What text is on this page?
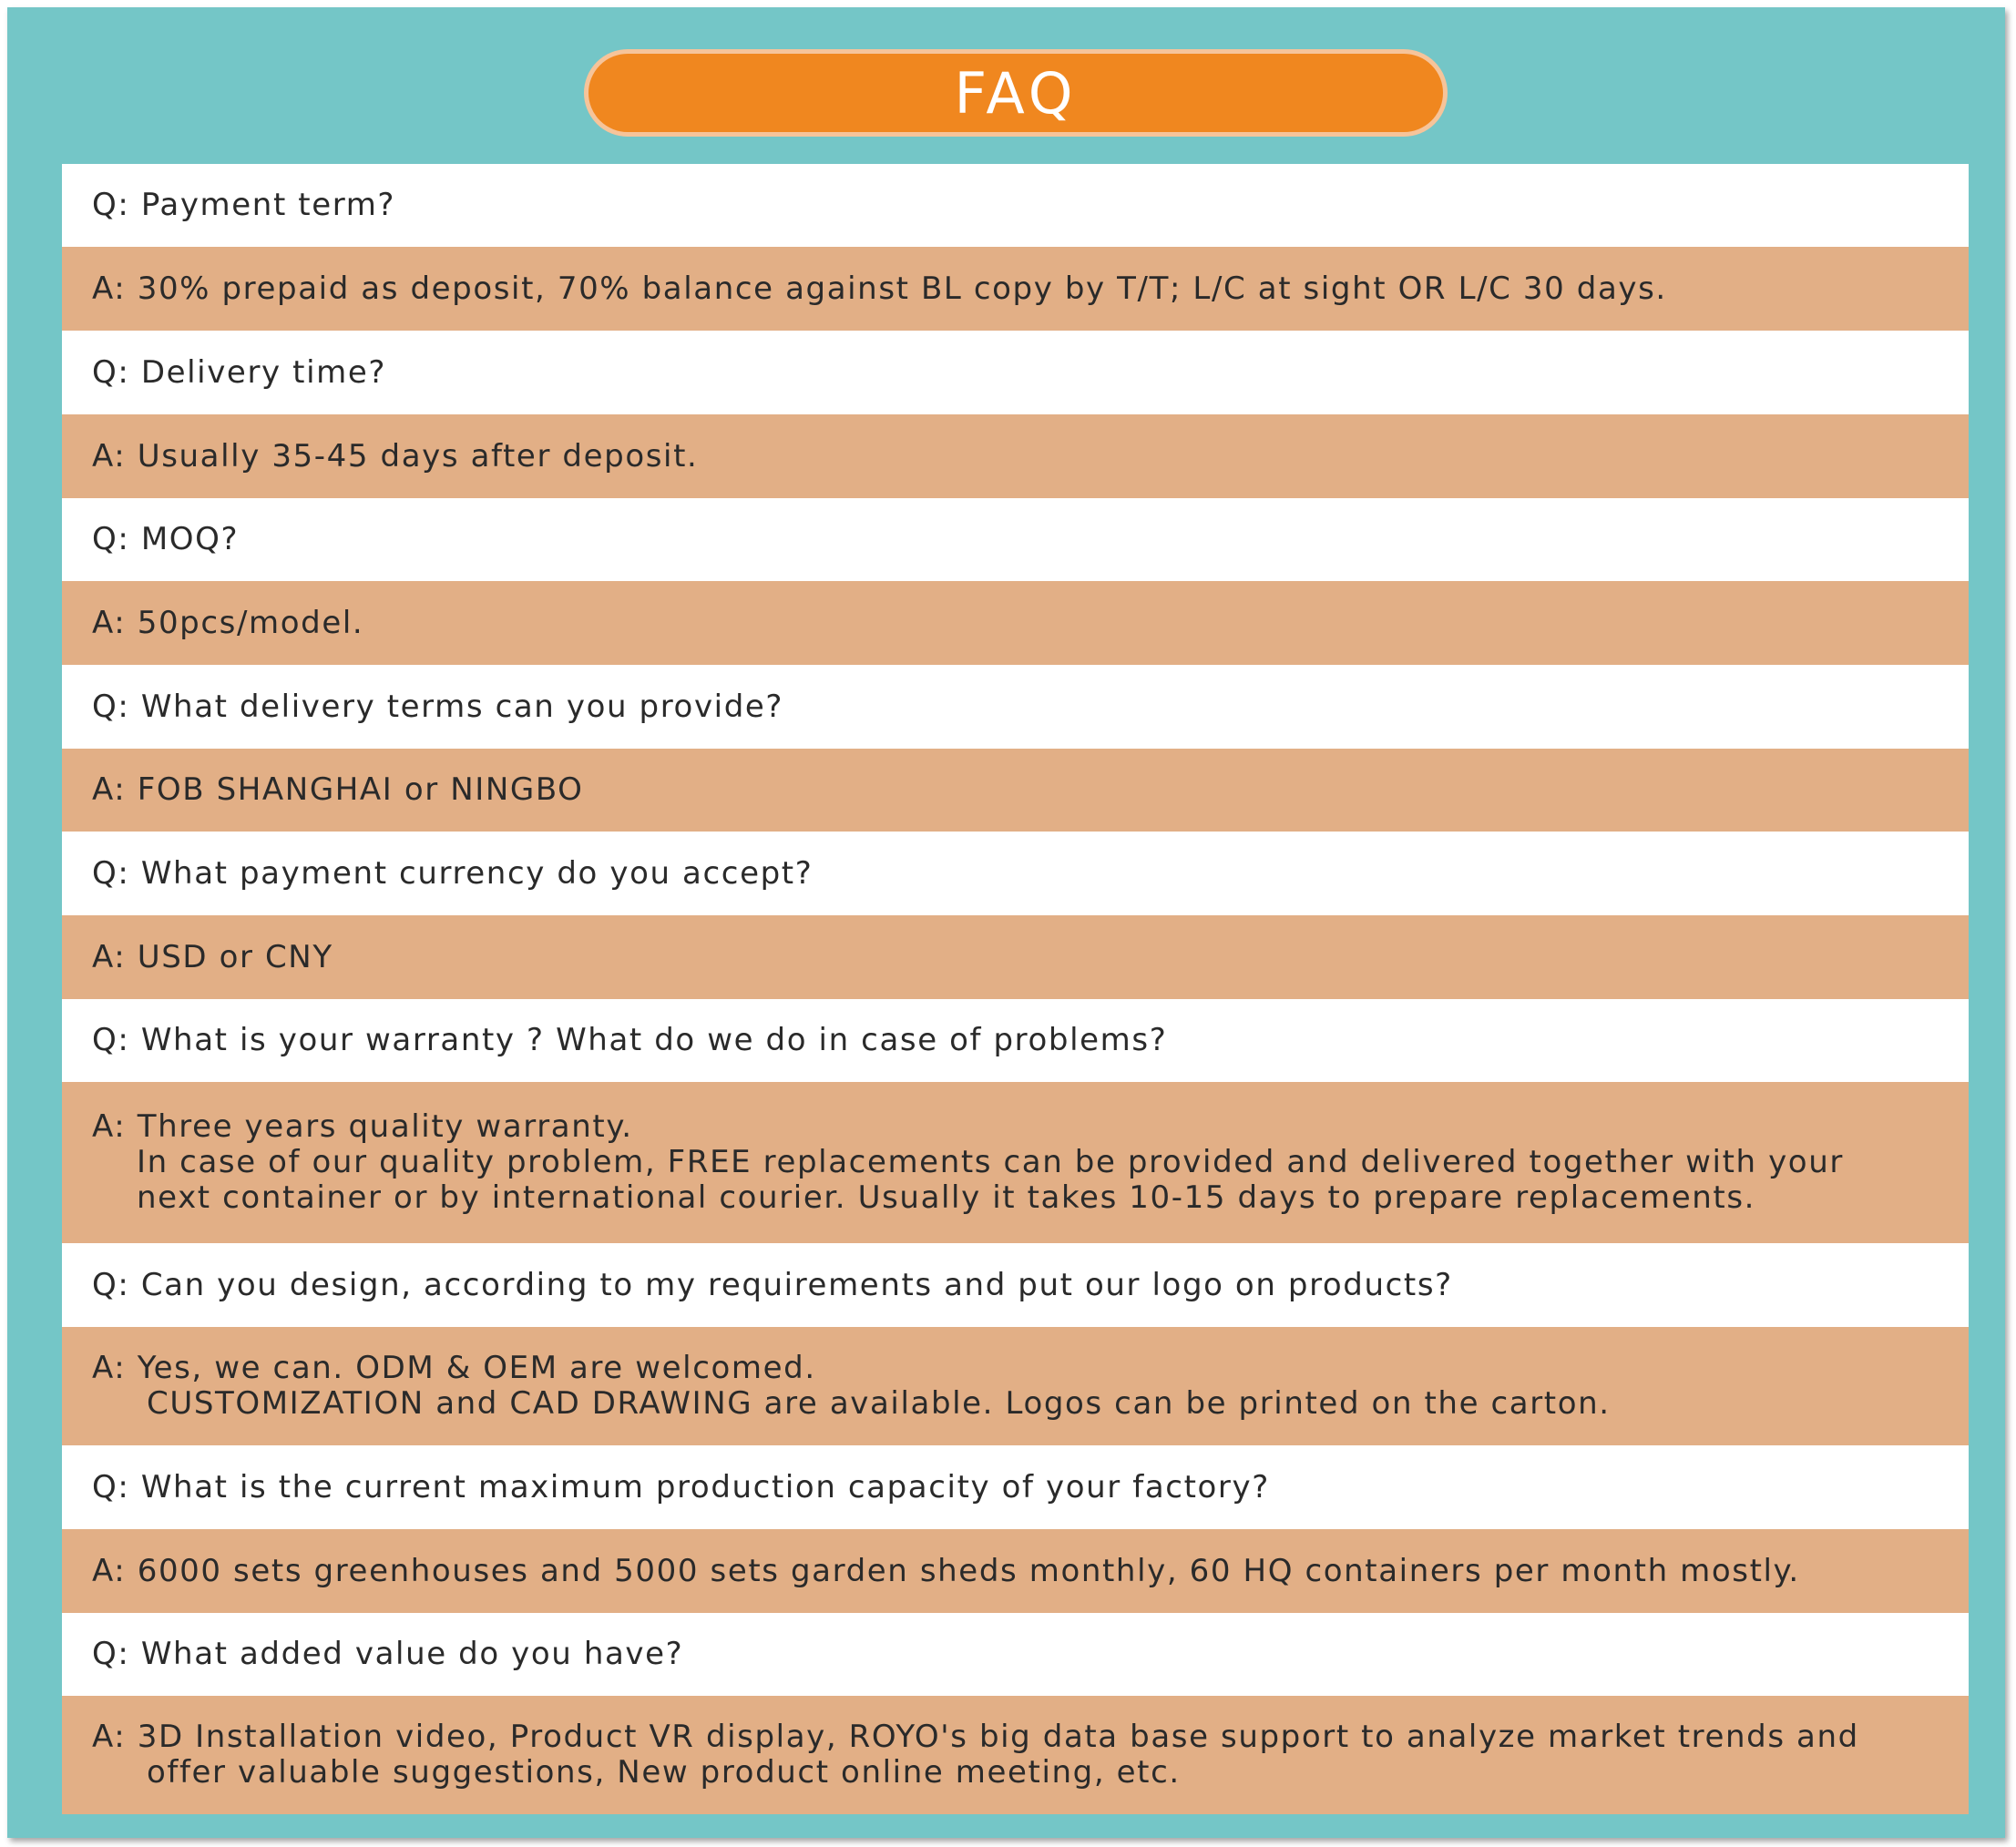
FAQ
Q: Payment term?
A: 30% prepaid as deposit, 70% balance against BL copy by T/T; L/C at sight OR L/C 30 days.
Q: Delivery time?
A: Usually 35-45 days after deposit.
Q: MOQ?
A: 50pcs/model.
Q: What delivery terms can you provide?
A: FOB SHANGHAI or NINGBO
Q: What payment currency do you accept?
A: USD or CNY
Q: What is your warranty ? What do we do in case of problems?
A: Three years quality warranty.
In case of our quality problem, FREE replacements can be provided and delivered together with your
next container or by international courier. Usually it takes 10-15 days to prepare replacements.
Q: Can you design, according to my requirements and put our logo on products?
A: Yes, we can. ODM & OEM are welcomed.
CUSTOMIZATION and CAD DRAWING are available. Logos can be printed on the carton.
Q: What is the current maximum production capacity of your factory?
A: 6000 sets greenhouses and 5000 sets garden sheds monthly, 60 HQ containers per month mostly.
Q: What added value do you have?
A: 3D Installation video, Product VR display, ROYO's big data base support to analyze market trends and
offer valuable suggestions, New product online meeting, etc.
